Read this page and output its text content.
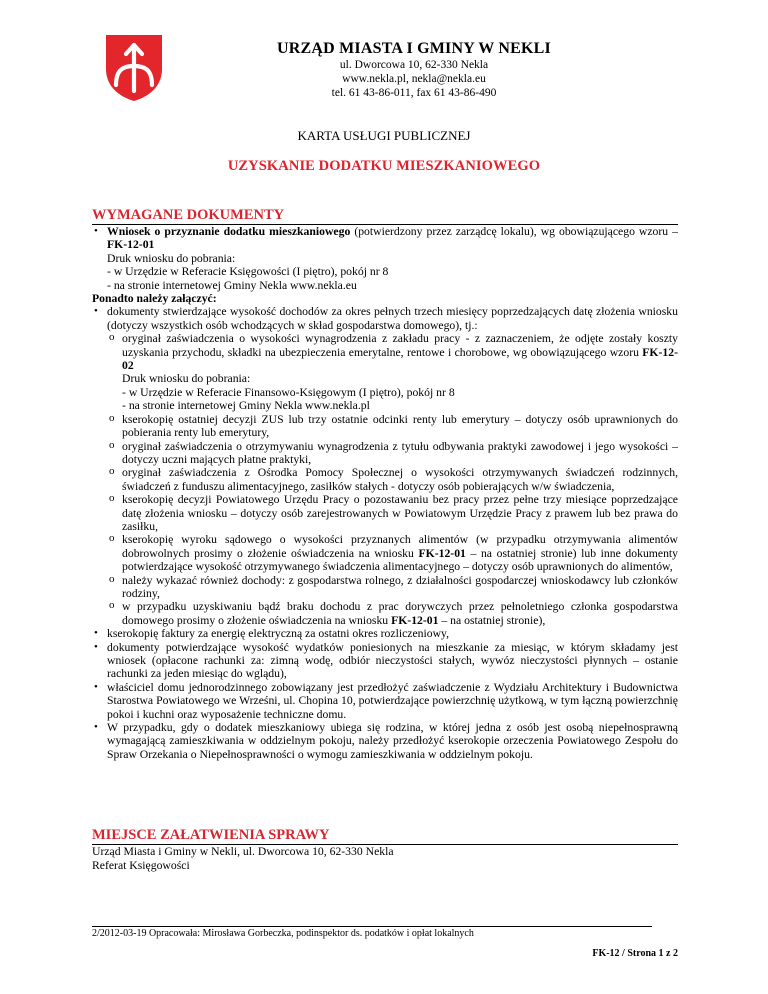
URZĄD MIASTA I GMINY W NEKLI
ul. Dworcowa 10, 62-330 Nekla
www.nekla.pl, nekla@nekla.eu
tel. 61 43-86-011, fax 61 43-86-490
KARTA USŁUGI PUBLICZNEJ
UZYSKANIE DODATKU MIESZKANIOWEGO
WYMAGANE DOKUMENTY

• Wniosek o przyznanie dodatku mieszkaniowego (potwierdzony przez zarządcę lokalu), wg obowiązującego wzoru – FK-12-01

Druk wniosku do pobrania:

- w Urzędzie w Referacie Księgowości (I piętro), pokój nr 8

- na stronie internetowej Gminy Nekla www.nekla.eu

Ponadto należy załączyć:

• dokumenty stwierdzające wysokość dochodów za okres pełnych trzech miesięcy poprzedzających datę złożenia wniosku (dotyczy wszystkich osób wchodzących w skład gospodarstwa domowego), tj.:

o oryginał zaświadczenia o wysokości wynagrodzenia z zakładu pracy - z zaznaczeniem, że odjęte zostały koszty uzyskania przychodu, składki na ubezpieczenia emerytalne, rentowe i chorobowe, wg obowiązującego wzoru FK-12-02

Druk wniosku do pobrania:

- w Urzędzie w Referacie Finansowo-Księgowym (I piętro), pokój nr 8

- na stronie internetowej Gminy Nekla www.nekla.pl

o kserokopię ostatniej decyzji ZUS lub trzy ostatnie odcinki renty lub emerytury – dotyczy osób uprawnionych do pobierania renty lub emerytury,

o oryginał zaświadczenia o otrzymywaniu wynagrodzenia z tytułu odbywania praktyki zawodowej i jego wysokości – dotyczy uczni mających płatne praktyki,

o oryginał zaświadczenia z Ośrodka Pomocy Społecznej o wysokości otrzymywanych świadczeń rodzinnych, świadczeń z funduszu alimentacyjnego, zasiłków stałych - dotyczy osób pobierających w/w świadczenia,

o kserokopię decyzji Powiatowego Urzędu Pracy o pozostawaniu bez pracy przez pełne trzy miesiące poprzedzające datę złożenia wniosku – dotyczy osób zarejestrowanych w Powiatowym Urzędzie Pracy z prawem lub bez prawa do zasiłku,

o kserokopię wyroku sądowego o wysokości przyznanych alimentów (w przypadku otrzymywania alimentów dobrowolnych prosimy o złożenie oświadczenia na wniosku FK-12-01 – na ostatniej stronie) lub inne dokumenty potwierdzające wysokość otrzymywanego świadczenia alimentacyjnego – dotyczy osób uprawnionych do alimentów,

o należy wykazać również dochody: z gospodarstwa rolnego, z działalności gospodarczej wnioskodawcy lub członków rodziny,

o w przypadku uzyskiwaniu bądź braku dochodu z prac dorywczych przez pełnoletniego członka gospodarstwa domowego prosimy o złożenie oświadczenia na wniosku FK-12-01 – na ostatniej stronie),

• kserokopię faktury za energię elektryczną za ostatni okres rozliczeniowy,

• dokumenty potwierdzające wysokość wydatków poniesionych na mieszkanie za miesiąc, w którym składamy jest wniosek (opłacone rachunki za: zimną wodę, odbiór nieczystości stałych, wywóz nieczystości płynnych – ostanie rachunki za jeden miesiąc do wglądu),

• właściciel domu jednorodzinnego zobowiązany jest przedłożyć zaświadczenie z Wydziału Architektury i Budownictwa Starostwa Powiatowego we Wrześni, ul. Chopina 10, potwierdzające powierzchnię użytkową, w tym łączną powierzchnię pokoi i kuchni oraz wyposażenie techniczne domu.

• W przypadku, gdy o dodatek mieszkaniowy ubiega się rodzina, w której jedna z osób jest osobą niepełnosprawną wymagającą zamieszkiwania w oddzielnym pokoju, należy przedłożyć kserokopie orzeczenia Powiatowego Zespołu do Spraw Orzekania o Niepełnosprawności o wymogu zamieszkiwania w oddzielnym pokoju.

MIEJSCE ZAŁATWIENIA SPRAWY

Urząd Miasta i Gminy w Nekli, ul. Dworcowa 10, 62-330 Nekla

Referat Księgowości

2/2012-03-19 Opracowała: Mirosława Gorbeczka, podinspektor ds. podatków i opłat lokalnych
FK-12 / Strona 1 z 2
